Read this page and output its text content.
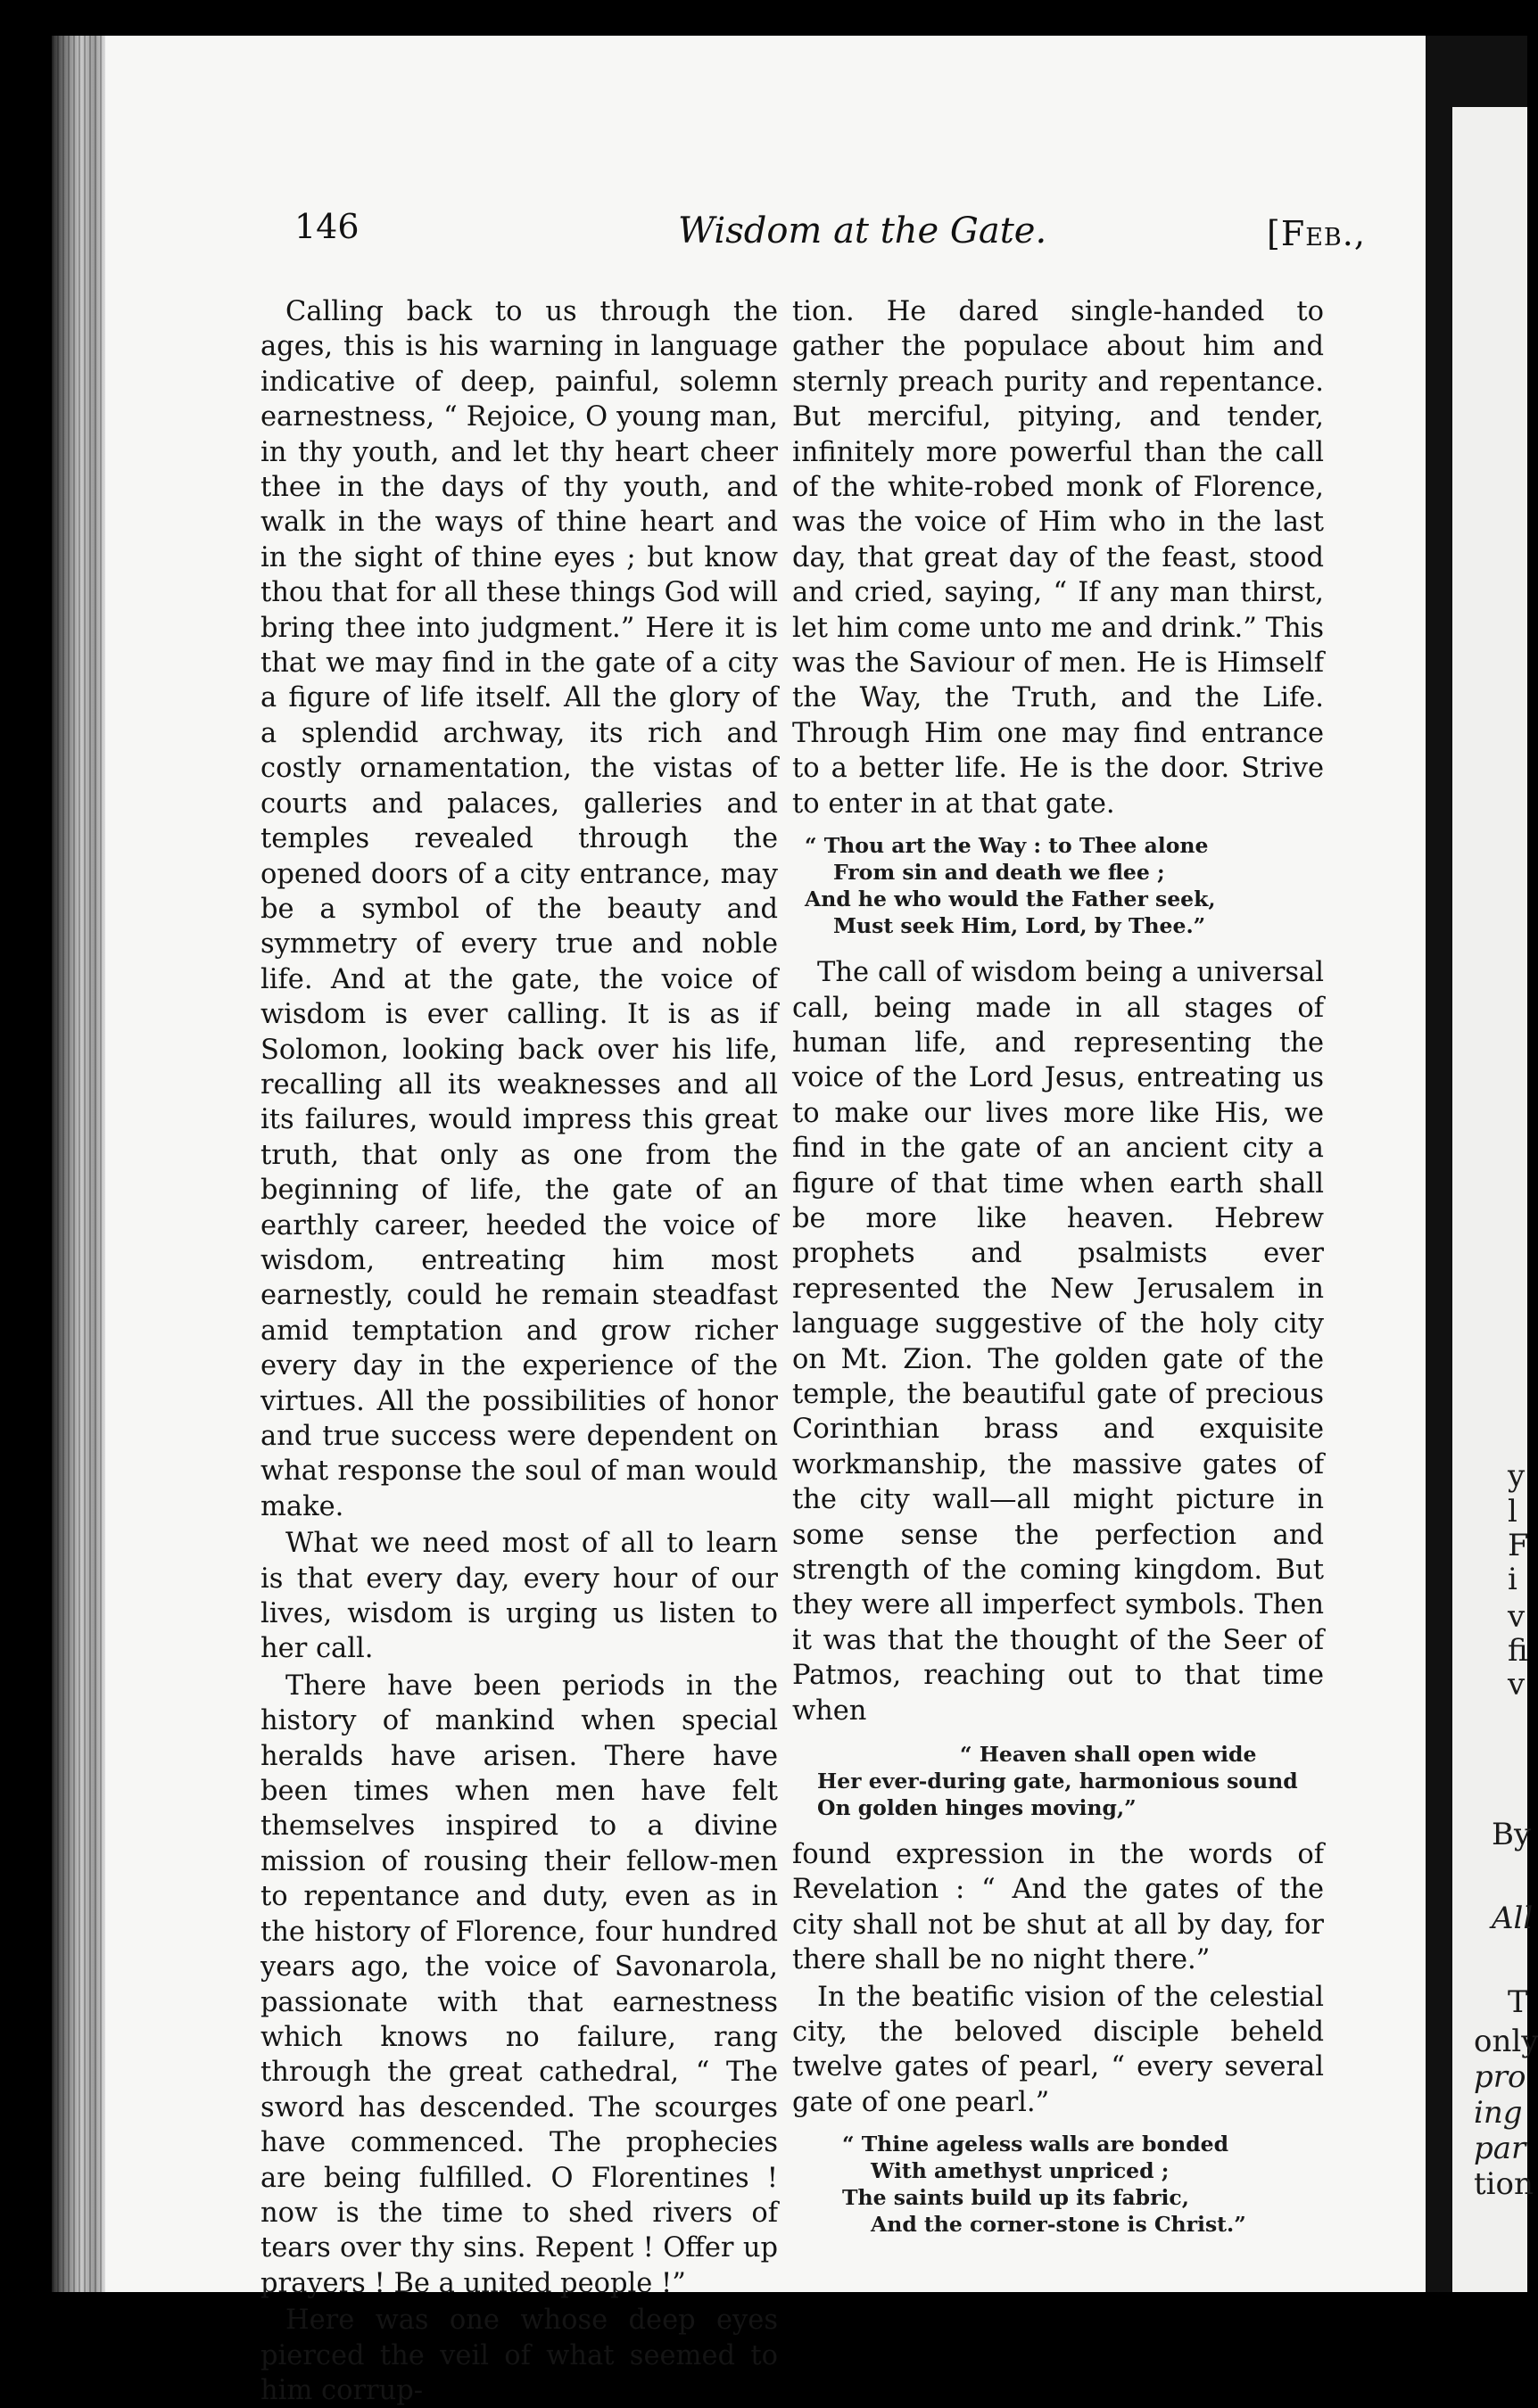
y
l
F
i
v
fi
v
By
All
T
only
pro
ing
par
tion
146	Wisdom at the Gate.	[Feb.,

Calling back to us through the ages, this is his warning in language indicative of deep, painful, solemn earnestness, “ Rejoice, O young man, in thy youth, and let thy heart cheer thee in the days of thy youth, and walk in the ways of thine heart and in the sight of thine eyes ; but know thou that for all these things God will bring thee into judgment.” Here it is that we may find in the gate of a city a figure of life itself. All the glory of a splendid archway, its rich and costly ornamentation, the vistas of courts and palaces, galleries and temples revealed through the opened doors of a city entrance, may be a symbol of the beauty and symmetry of every true and noble life. And at the gate, the voice of wisdom is ever calling. It is as if Solomon, looking back over his life, recalling all its weaknesses and all its failures, would impress this great truth, that only as one from the beginning of life, the gate of an earthly career, heeded the voice of wisdom, entreating him most earnestly, could he remain steadfast amid temptation and grow richer every day in the experience of the virtues. All the possibilities of honor and true success were dependent on what response the soul of man would make.

What we need most of all to learn is that every day, every hour of our lives, wisdom is urging us listen to her call.

There have been periods in the history of mankind when special heralds have arisen. There have been times when men have felt themselves inspired to a divine mission of rousing their fellow-men to repentance and duty, even as in the history of Florence, four hundred years ago, the voice of Savonarola, passionate with that earnestness which knows no failure, rang through the great cathedral, “ The sword has descended. The scourges have commenced. The prophecies are being fulfilled. O Florentines ! now is the time to shed rivers of tears over thy sins. Repent ! Offer up prayers ! Be a united people !”

Here was one whose deep eyes pierced the veil of what seemed to him corrup-

tion. He dared single-handed to gather the populace about him and sternly preach purity and repentance. But merciful, pitying, and tender, infinitely more powerful than the call of the white-robed monk of Florence, was the voice of Him who in the last day, that great day of the feast, stood and cried, saying, “ If any man thirst, let him come unto me and drink.” This was the Saviour of men. He is Himself the Way, the Truth, and the Life. Through Him one may find entrance to a better life. He is the door. Strive to enter in at that gate.

“ Thou art the Way : to Thee alone
From sin and death we flee ;
And he who would the Father seek,
Must seek Him, Lord, by Thee.”

The call of wisdom being a universal call, being made in all stages of human life, and representing the voice of the Lord Jesus, entreating us to make our lives more like His, we find in the gate of an ancient city a figure of that time when earth shall be more like heaven. Hebrew prophets and psalmists ever represented the New Jerusalem in language suggestive of the holy city on Mt. Zion. The golden gate of the temple, the beautiful gate of precious Corinthian brass and exquisite workmanship, the massive gates of the city wall—all might picture in some sense the perfection and strength of the coming kingdom. But they were all imperfect symbols. Then it was that the thought of the Seer of Patmos, reaching out to that time when

“ Heaven shall open wide
Her ever-during gate, harmonious sound
On golden hinges moving,”

found expression in the words of Revelation : “ And the gates of the city shall not be shut at all by day, for there shall be no night there.”

In the beatific vision of the celestial city, the beloved disciple beheld twelve gates of pearl, “ every several gate of one pearl.”

“ Thine ageless walls are bonded
With amethyst unpriced ;
The saints build up its fabric,
And the corner-stone is Christ.”
